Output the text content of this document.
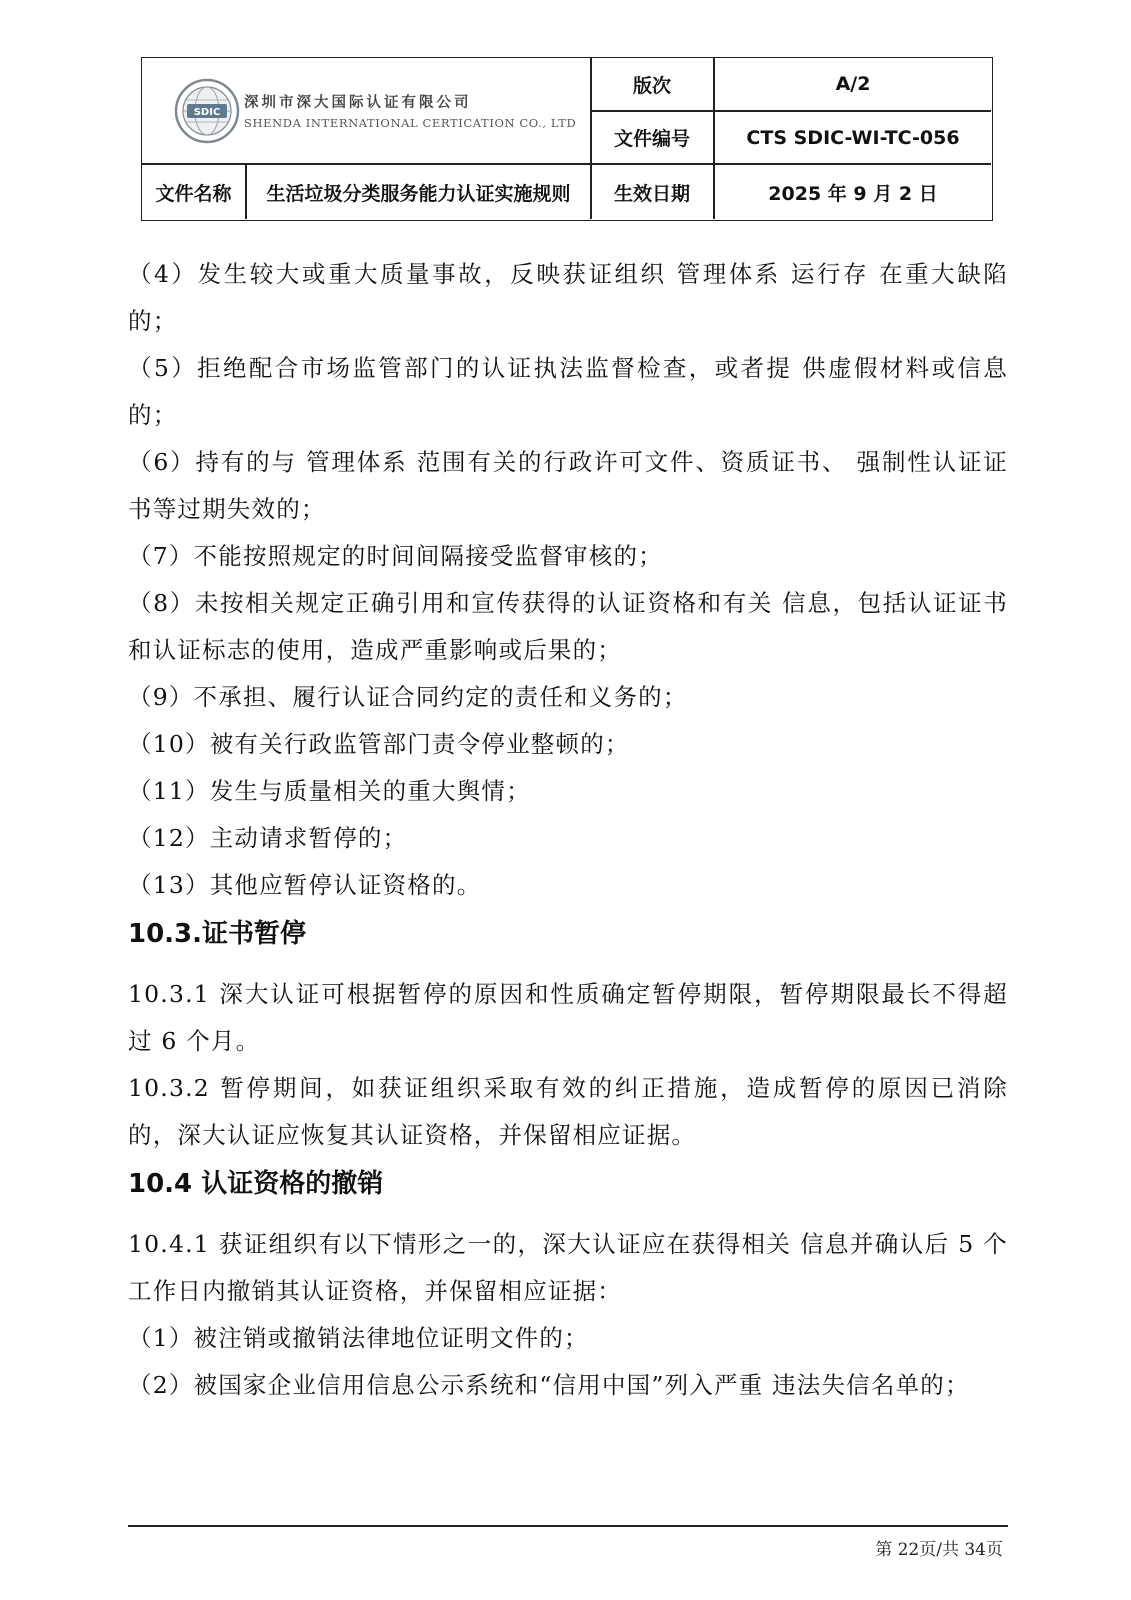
SDIC
深圳市深大国际认证有限公司
SHENDA INTERNATIONAL CERTICATION CO., LTD
版次	A/2
文件编号	CTS SDIC-WI-TC-056
文件名称	生活垃圾分类服务能力认证实施规则	生效日期	2025 年 9 月 2 日

（4）发生较大或重大质量事故，反映获证组织 管理体系 运行存 在重大缺陷的；

（5）拒绝配合市场监管部门的认证执法监督检查，或者提 供虚假材料或信息的；

（6）持有的与 管理体系 范围有关的行政许可文件、资质证书、 强制性认证证书等过期失效的；

（7）不能按照规定的时间间隔接受监督审核的；

（8）未按相关规定正确引用和宣传获得的认证资格和有关 信息，包括认证证书和认证标志的使用，造成严重影响或后果的；

（9）不承担、履行认证合同约定的责任和义务的；

（10）被有关行政监管部门责令停业整顿的；

（11）发生与质量相关的重大舆情；

（12）主动请求暂停的；

（13）其他应暂停认证资格的。

10.3.证书暂停

10.3.1 深大认证可根据暂停的原因和性质确定暂停期限，暂停期限最长不得超过 6 个月。

10.3.2 暂停期间，如获证组织采取有效的纠正措施，造成暂停的原因已消除的，深大认证应恢复其认证资格，并保留相应证据。

10.4 认证资格的撤销

10.4.1 获证组织有以下情形之一的，深大认证应在获得相关 信息并确认后 5 个工作日内撤销其认证资格，并保留相应证据：

（1）被注销或撤销法律地位证明文件的；

（2）被国家企业信用信息公示系统和“信用中国”列入严重 违法失信名单的；

第 22页/共 34页
